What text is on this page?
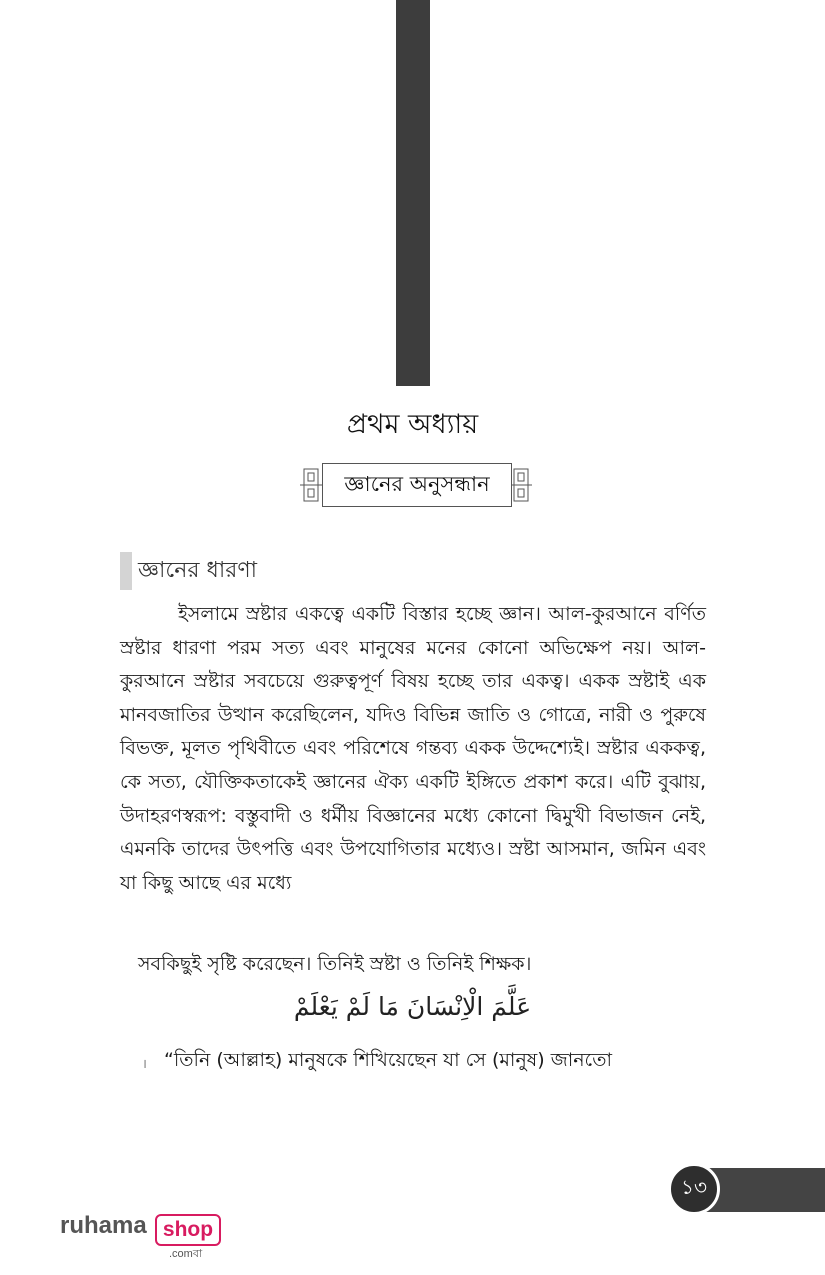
প্রথম অধ্যায়
জ্ঞানের অনুসন্ধান
জ্ঞানের ধারণা

ইসলামে স্রষ্টার একত্বে একটি বিস্তার হচ্ছে জ্ঞান। আল-কুরআনে বর্ণিত স্রষ্টার ধারণা পরম সত্য এবং মানুষের মনের কোনো অভিক্ষেপ নয়। আল-কুরআনে স্রষ্টার সবচেয়ে গুরুত্বপূর্ণ বিষয় হচ্ছে তার একত্ব। একক স্রষ্টাই এক মানবজাতির উত্থান করেছিলেন, যদিও বিভিন্ন জাতি ও গোত্রে, নারী ও পুরুষে বিভক্ত, মূলত পৃথিবীতে এবং পরিশেষে গন্তব্য একক উদ্দেশ্যেই। স্রষ্টার এককত্ব, কে সত্য, যৌক্তিকতাকেই জ্ঞানের ঐক্য একটি ইঙ্গিতে প্রকাশ করে। এটি বুঝায়, উদাহরণস্বরূপ: বস্তুবাদী ও ধর্মীয় বিজ্ঞানের মধ্যে কোনো দ্বিমুখী বিভাজন নেই, এমনকি তাদের উৎপত্তি এবং উপযোগিতার মধ্যেও। স্রষ্টা আসমান, জমিন এবং যা কিছু আছে এর মধ্যে

সবকিছুই সৃষ্টি করেছেন। তিনিই স্রষ্টা ও তিনিই শিক্ষক।

عَلَّمَ الْاِنْسَانَ مَا لَمْ يَعْلَمْ
। “তিনি (আল্লাহ) মানুষকে শিখিয়েছেন যা সে (মানুষ) জানতো
১৩
ruhama shop
.comবা
